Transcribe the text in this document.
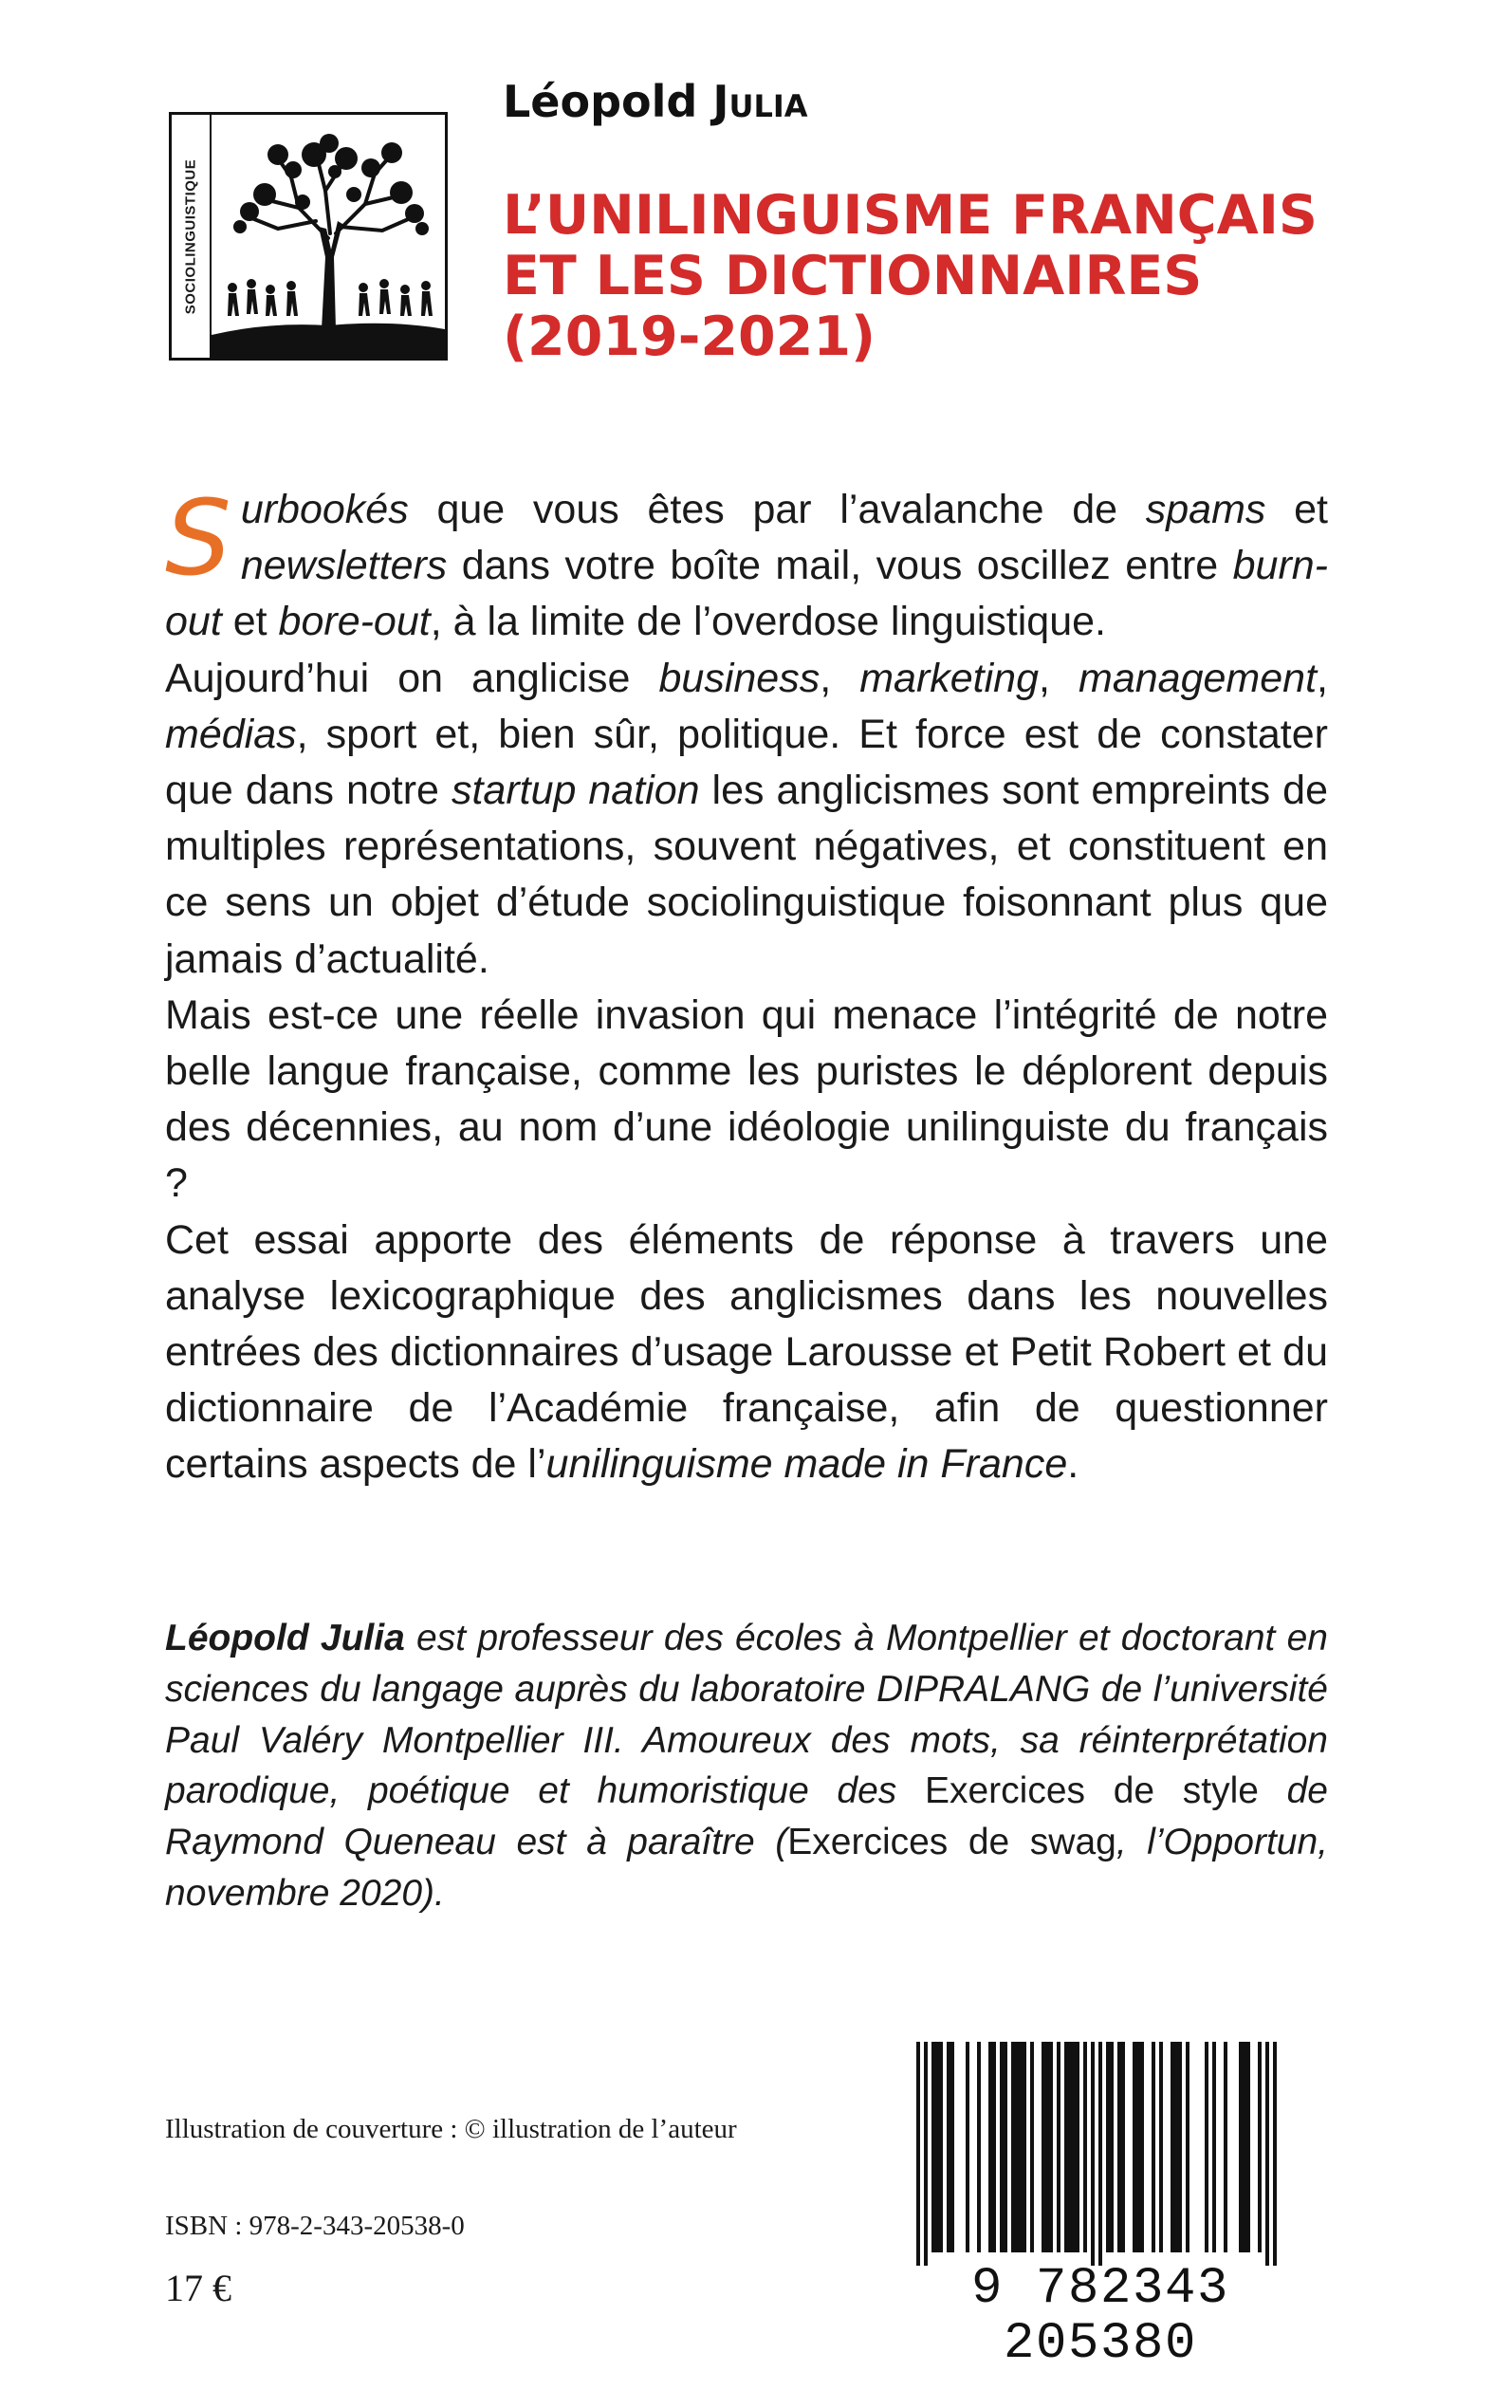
SOCIOLINGUISTIQUE
Léopold Julia
L’UNILINGUISME FRANÇAIS
ET LES DICTIONNAIRES
(2019-2021)

Surbookés que vous êtes par l’avalanche de spams et newsletters dans votre boîte mail, vous oscillez entre burn-out et bore-out, à la limite de l’overdose linguistique.

Aujourd’hui on anglicise business, marketing, management, médias, sport et, bien sûr, politique. Et force est de constater que dans notre startup nation les anglicismes sont empreints de multiples représentations, souvent négatives, et constituent en ce sens un objet d’étude sociolinguistique foisonnant plus que jamais d’actualité.

Mais est-ce une réelle invasion qui menace l’intégrité de notre belle langue française, comme les puristes le déplorent depuis des décennies, au nom d’une idéologie unilinguiste du français ?

Cet essai apporte des éléments de réponse à travers une analyse lexicographique des anglicismes dans les nouvelles entrées des dictionnaires d’usage Larousse et Petit Robert et du dictionnaire de l’Académie française, afin de questionner certains aspects de l’unilinguisme made in France.

Léopold Julia est professeur des écoles à Montpellier et doctorant en sciences du langage auprès du laboratoire DIPRALANG de l’université Paul Valéry Montpellier III. Amoureux des mots, sa réinterprétation parodique, poétique et humoristique des Exercices de style de Raymond Queneau est à paraître (Exercices de swag, l’Opportun, novembre 2020).

Illustration de couverture : © illustration de l’auteur

ISBN : 978-2-343-20538-0

17 €	9 782343 205380
